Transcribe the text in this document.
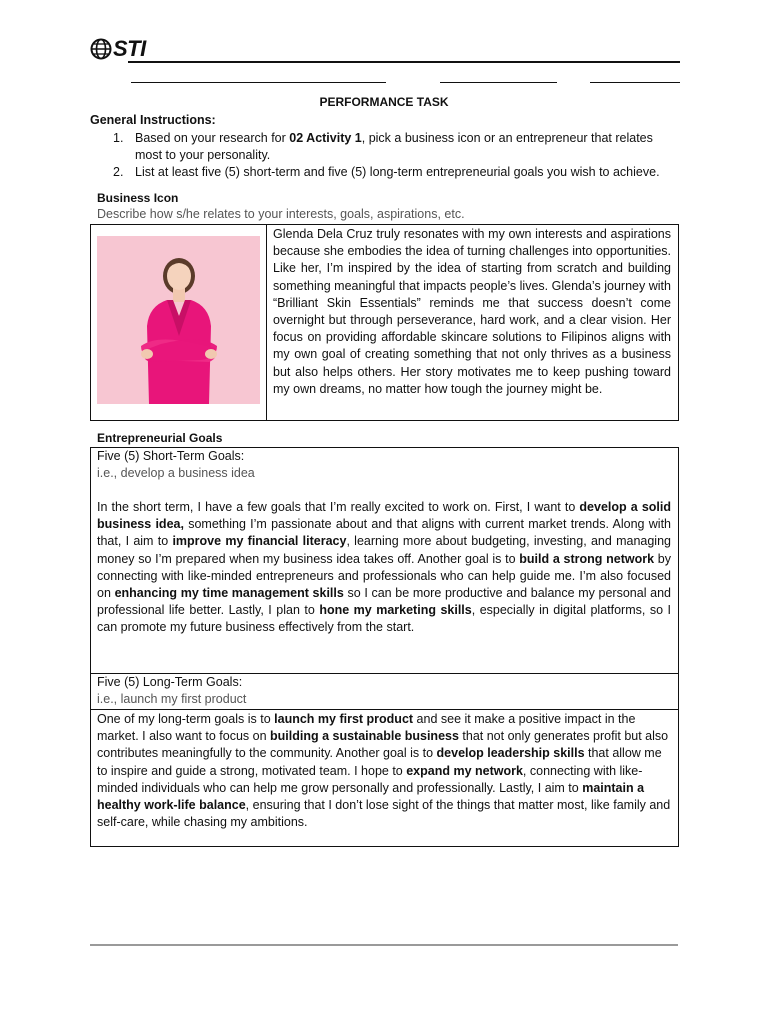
STI
PERFORMANCE TASK
General Instructions:
1. Based on your research for 02 Activity 1, pick a business icon or an entrepreneur that relates most to your personality.
2. List at least five (5) short-term and five (5) long-term entrepreneurial goals you wish to achieve.
Business Icon
Describe how s/he relates to your interests, goals, aspirations, etc.
Glenda Dela Cruz truly resonates with my own interests and aspirations because she embodies the idea of turning challenges into opportunities. Like her, I’m inspired by the idea of starting from scratch and building something meaningful that impacts people’s lives. Glenda’s journey with “Brilliant Skin Essentials” reminds me that success doesn’t come overnight but through perseverance, hard work, and a clear vision. Her focus on providing affordable skincare solutions to Filipinos aligns with my own goal of creating something that not only thrives as a business but also helps others. Her story motivates me to keep pushing toward my own dreams, no matter how tough the journey might be.
Entrepreneurial Goals
Five (5) Short-Term Goals:
i.e., develop a business idea
In the short term, I have a few goals that I’m really excited to work on. First, I want to develop a solid business idea, something I’m passionate about and that aligns with current market trends. Along with that, I aim to improve my financial literacy, learning more about budgeting, investing, and managing money so I’m prepared when my business idea takes off. Another goal is to build a strong network by connecting with like-minded entrepreneurs and professionals who can help guide me. I’m also focused on enhancing my time management skills so I can be more productive and balance my personal and professional life better. Lastly, I plan to hone my marketing skills, especially in digital platforms, so I can promote my future business effectively from the start.
Five (5) Long-Term Goals:
i.e., launch my first product
One of my long-term goals is to launch my first product and see it make a positive impact in the market. I also want to focus on building a sustainable business that not only generates profit but also contributes meaningfully to the community. Another goal is to develop leadership skills that allow me to inspire and guide a strong, motivated team. I hope to expand my network, connecting with like-minded individuals who can help me grow personally and professionally. Lastly, I aim to maintain a healthy work-life balance, ensuring that I don’t lose sight of the things that matter most, like family and self-care, while chasing my ambitions.
